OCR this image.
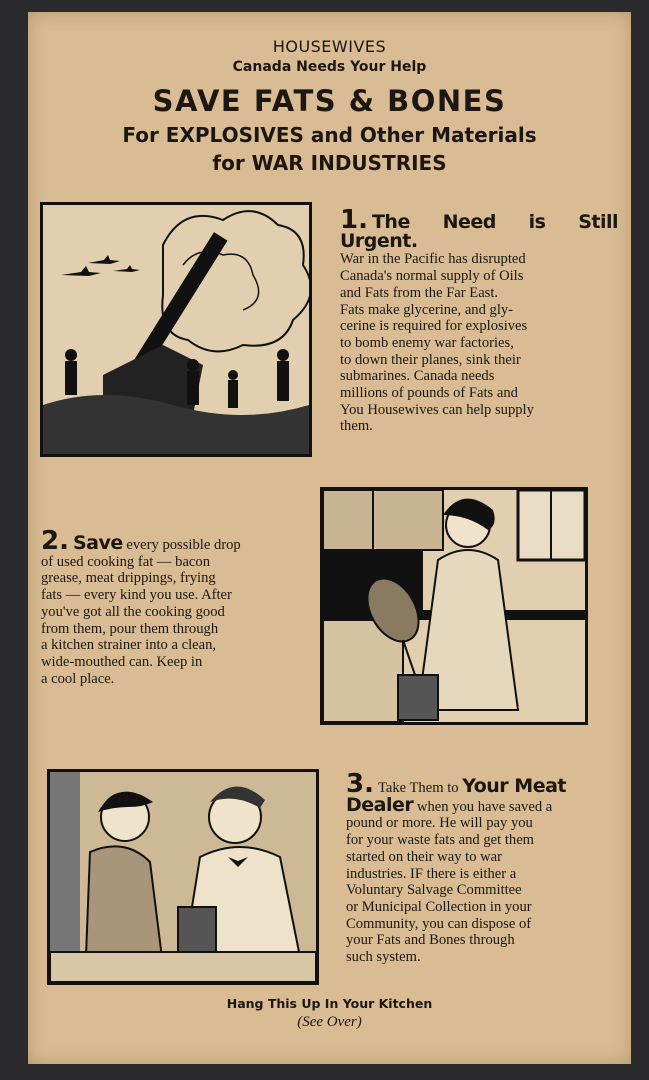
HOUSEWIVES
Canada Needs Your Help
SAVE FATS & BONES
For EXPLOSIVES and Other Materials
for WAR INDUSTRIES
1. The Need is Still Urgent.
War in the Pacific has disrupted
Canada's normal supply of Oils
and Fats from the Far East.
Fats make glycerine, and gly-
cerine is required for explosives
to bomb enemy war factories,
to down their planes, sink their
submarines. Canada needs
millions of pounds of Fats and
You Housewives can help supply
them.
2. Save every possible drop
of used cooking fat — bacon
grease, meat drippings, frying
fats — every kind you use. After
you've got all the cooking good
from them, pour them through
a kitchen strainer into a clean,
wide-mouthed can. Keep in
a cool place.
3. Take Them to Your Meat
Dealer when you have saved a
pound or more. He will pay you
for your waste fats and get them
started on their way to war
industries. IF there is either a
Voluntary Salvage Committee
or Municipal Collection in your
Community, you can dispose of
your Fats and Bones through
such system.
Hang This Up In Your Kitchen
(See Over)
